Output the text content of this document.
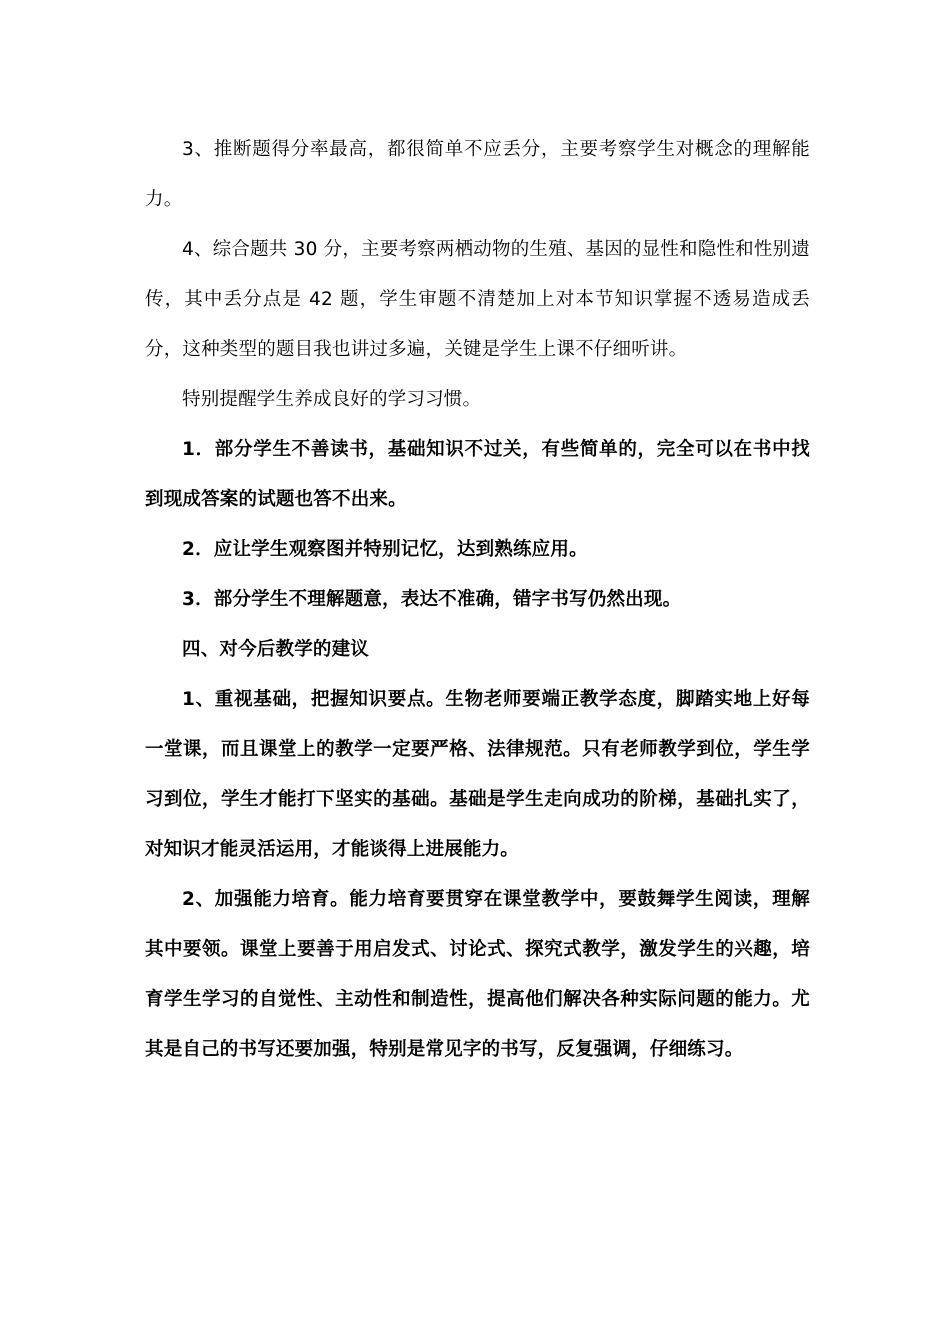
3、推断题得分率最高，都很简单不应丢分，主要考察学生对概念的理解能力。

4、综合题共 30 分，主要考察两栖动物的生殖、基因的显性和隐性和性别遗传，其中丢分点是 42 题，学生审题不清楚加上对本节知识掌握不透易造成丢分，这种类型的题目我也讲过多遍，关键是学生上课不仔细听讲。

特别提醒学生养成良好的学习习惯。

1．部分学生不善读书，基础知识不过关，有些简单的，完全可以在书中找到现成答案的试题也答不出来。

2．应让学生观察图并特别记忆，达到熟练应用。

3．部分学生不理解题意，表达不准确，错字书写仍然出现。

四、对今后教学的建议

1、重视基础，把握知识要点。生物老师要端正教学态度，脚踏实地上好每一堂课，而且课堂上的教学一定要严格、法律规范。只有老师教学到位，学生学习到位，学生才能打下坚实的基础。基础是学生走向成功的阶梯，基础扎实了，对知识才能灵活运用，才能谈得上进展能力。

2、加强能力培育。能力培育要贯穿在课堂教学中，要鼓舞学生阅读，理解其中要领。课堂上要善于用启发式、讨论式、探究式教学，激发学生的兴趣，培育学生学习的自觉性、主动性和制造性，提高他们解决各种实际问题的能力。尤其是自己的书写还要加强，特别是常见字的书写，反复强调，仔细练习。
